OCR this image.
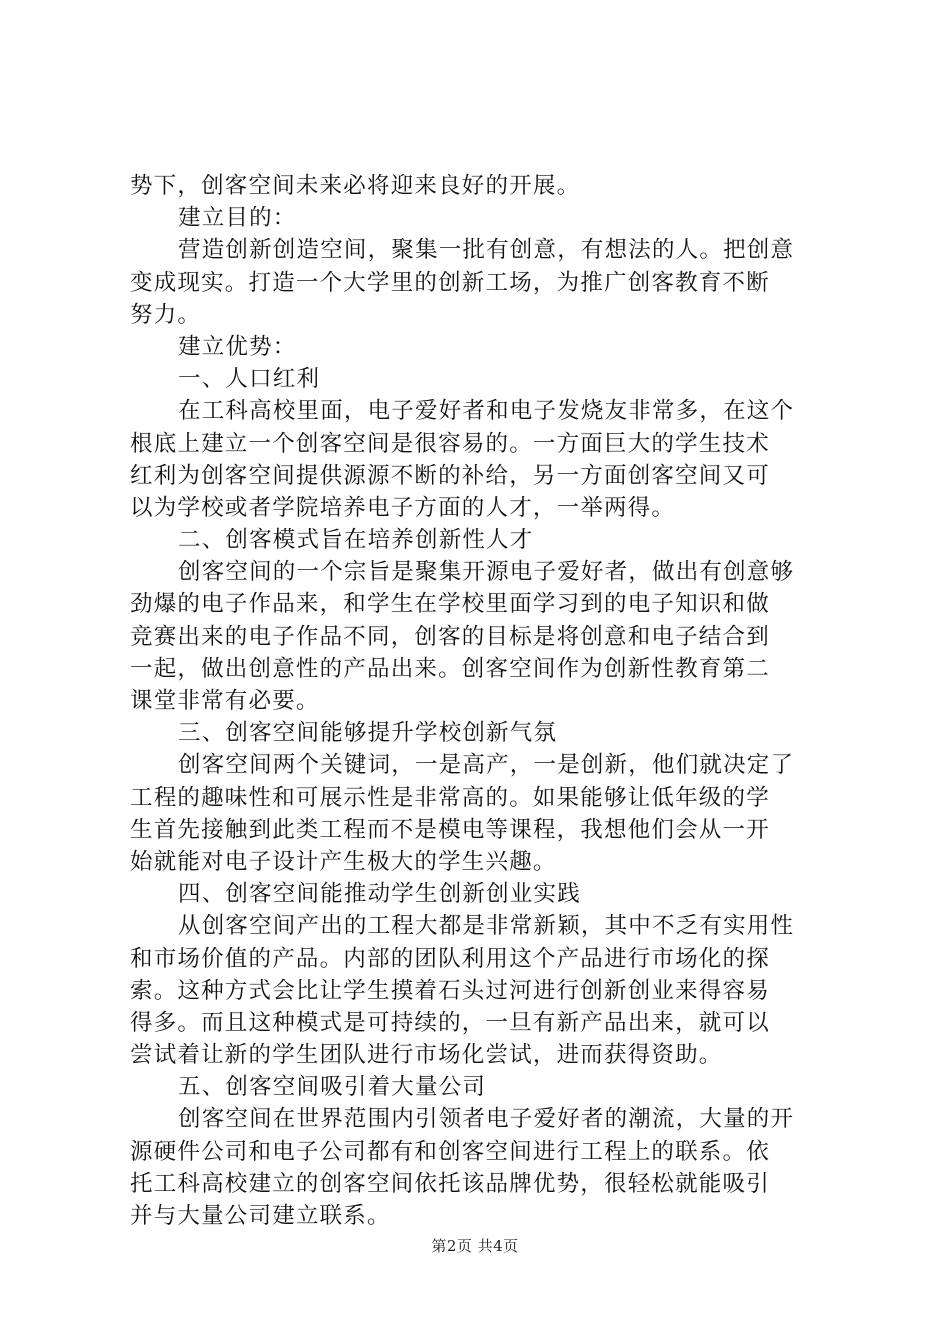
势下，创客空间未来必将迎来良好的开展。
建立目的：
营造创新创造空间，聚集一批有创意，有想法的人。把创意
变成现实。打造一个大学里的创新工场，为推广创客教育不断
努力。
建立优势：
一、人口红利
在工科高校里面，电子爱好者和电子发烧友非常多，在这个
根底上建立一个创客空间是很容易的。一方面巨大的学生技术
红利为创客空间提供源源不断的补给，另一方面创客空间又可
以为学校或者学院培养电子方面的人才，一举两得。
二、创客模式旨在培养创新性人才
创客空间的一个宗旨是聚集开源电子爱好者，做出有创意够
劲爆的电子作品来，和学生在学校里面学习到的电子知识和做
竞赛出来的电子作品不同，创客的目标是将创意和电子结合到
一起，做出创意性的产品出来。创客空间作为创新性教育第二
课堂非常有必要。
三、创客空间能够提升学校创新气氛
创客空间两个关键词，一是高产，一是创新，他们就决定了
工程的趣味性和可展示性是非常高的。如果能够让低年级的学
生首先接触到此类工程而不是模电等课程，我想他们会从一开
始就能对电子设计产生极大的学生兴趣。
四、创客空间能推动学生创新创业实践
从创客空间产出的工程大都是非常新颖，其中不乏有实用性
和市场价值的产品。内部的团队利用这个产品进行市场化的探
索。这种方式会比让学生摸着石头过河进行创新创业来得容易
得多。而且这种模式是可持续的，一旦有新产品出来，就可以
尝试着让新的学生团队进行市场化尝试，进而获得资助。
五、创客空间吸引着大量公司
创客空间在世界范围内引领者电子爱好者的潮流，大量的开
源硬件公司和电子公司都有和创客空间进行工程上的联系。依
托工科高校建立的创客空间依托该品牌优势，很轻松就能吸引
并与大量公司建立联系。
第2页 共4页
